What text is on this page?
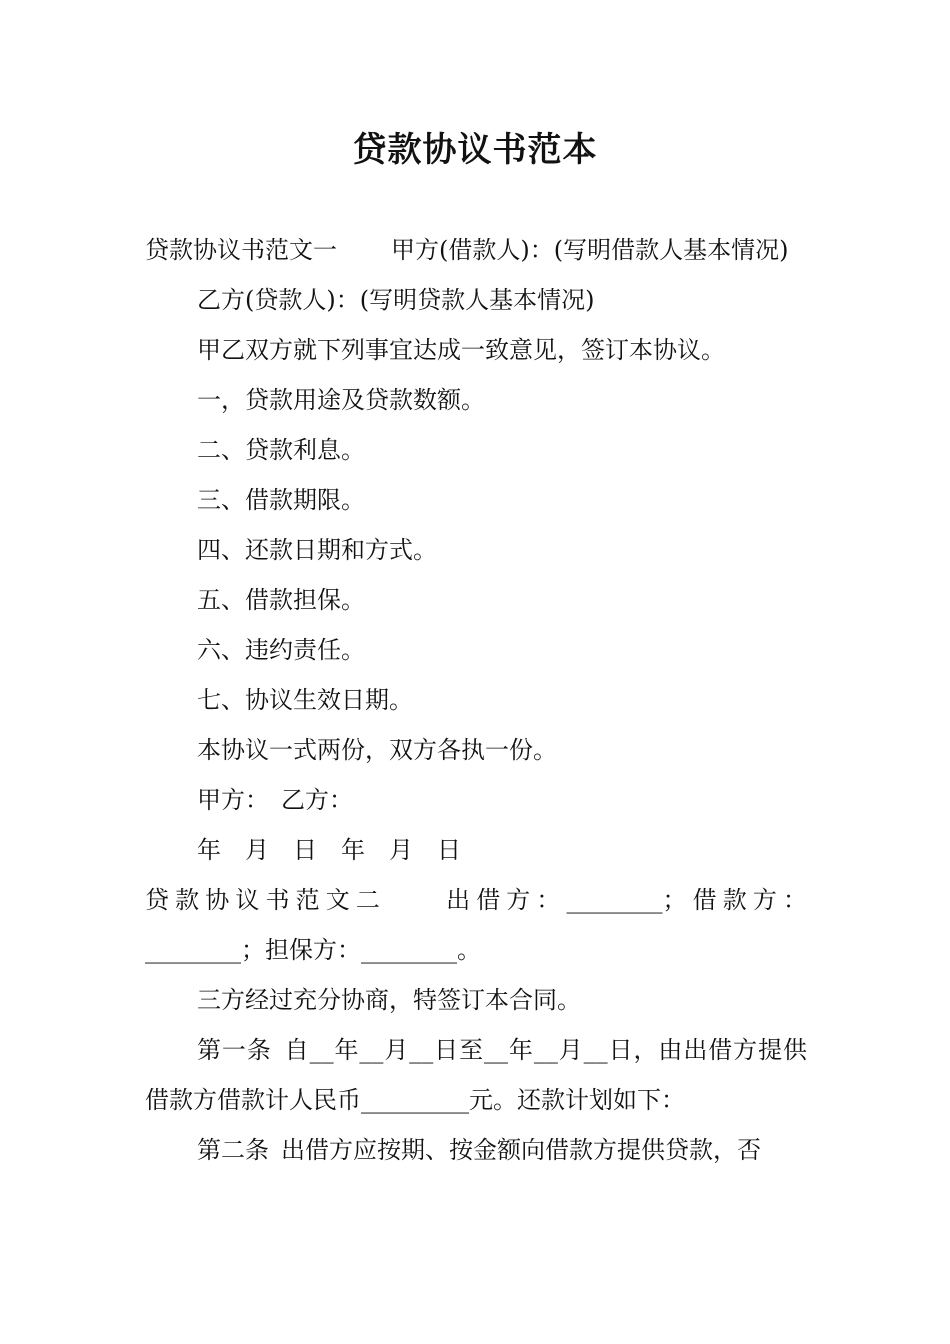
贷款协议书范本

贷款协议书范文一 甲方(借款人)：(写明借款人基本情况)

乙方(贷款人)：(写明贷款人基本情况)

甲乙双方就下列事宜达成一致意见，签订本协议。

一，贷款用途及贷款数额。

二、贷款利息。

三、借款期限。

四、还款日期和方式。

五、借款担保。

六、违约责任。

七、协议生效日期。

本协议一式两份，双方各执一份。

甲方： 乙方：

年　月　日　年　月　日

贷款协议书范文二 出借方：________；借款方：________；担保方：________。

三方经过充分协商，特签订本合同。

第一条 自__年__月__日至__年__月__日，由出借方提供借款方借款计人民币_________元。还款计划如下：

第二条 出借方应按期、按金额向借款方提供贷款，否
